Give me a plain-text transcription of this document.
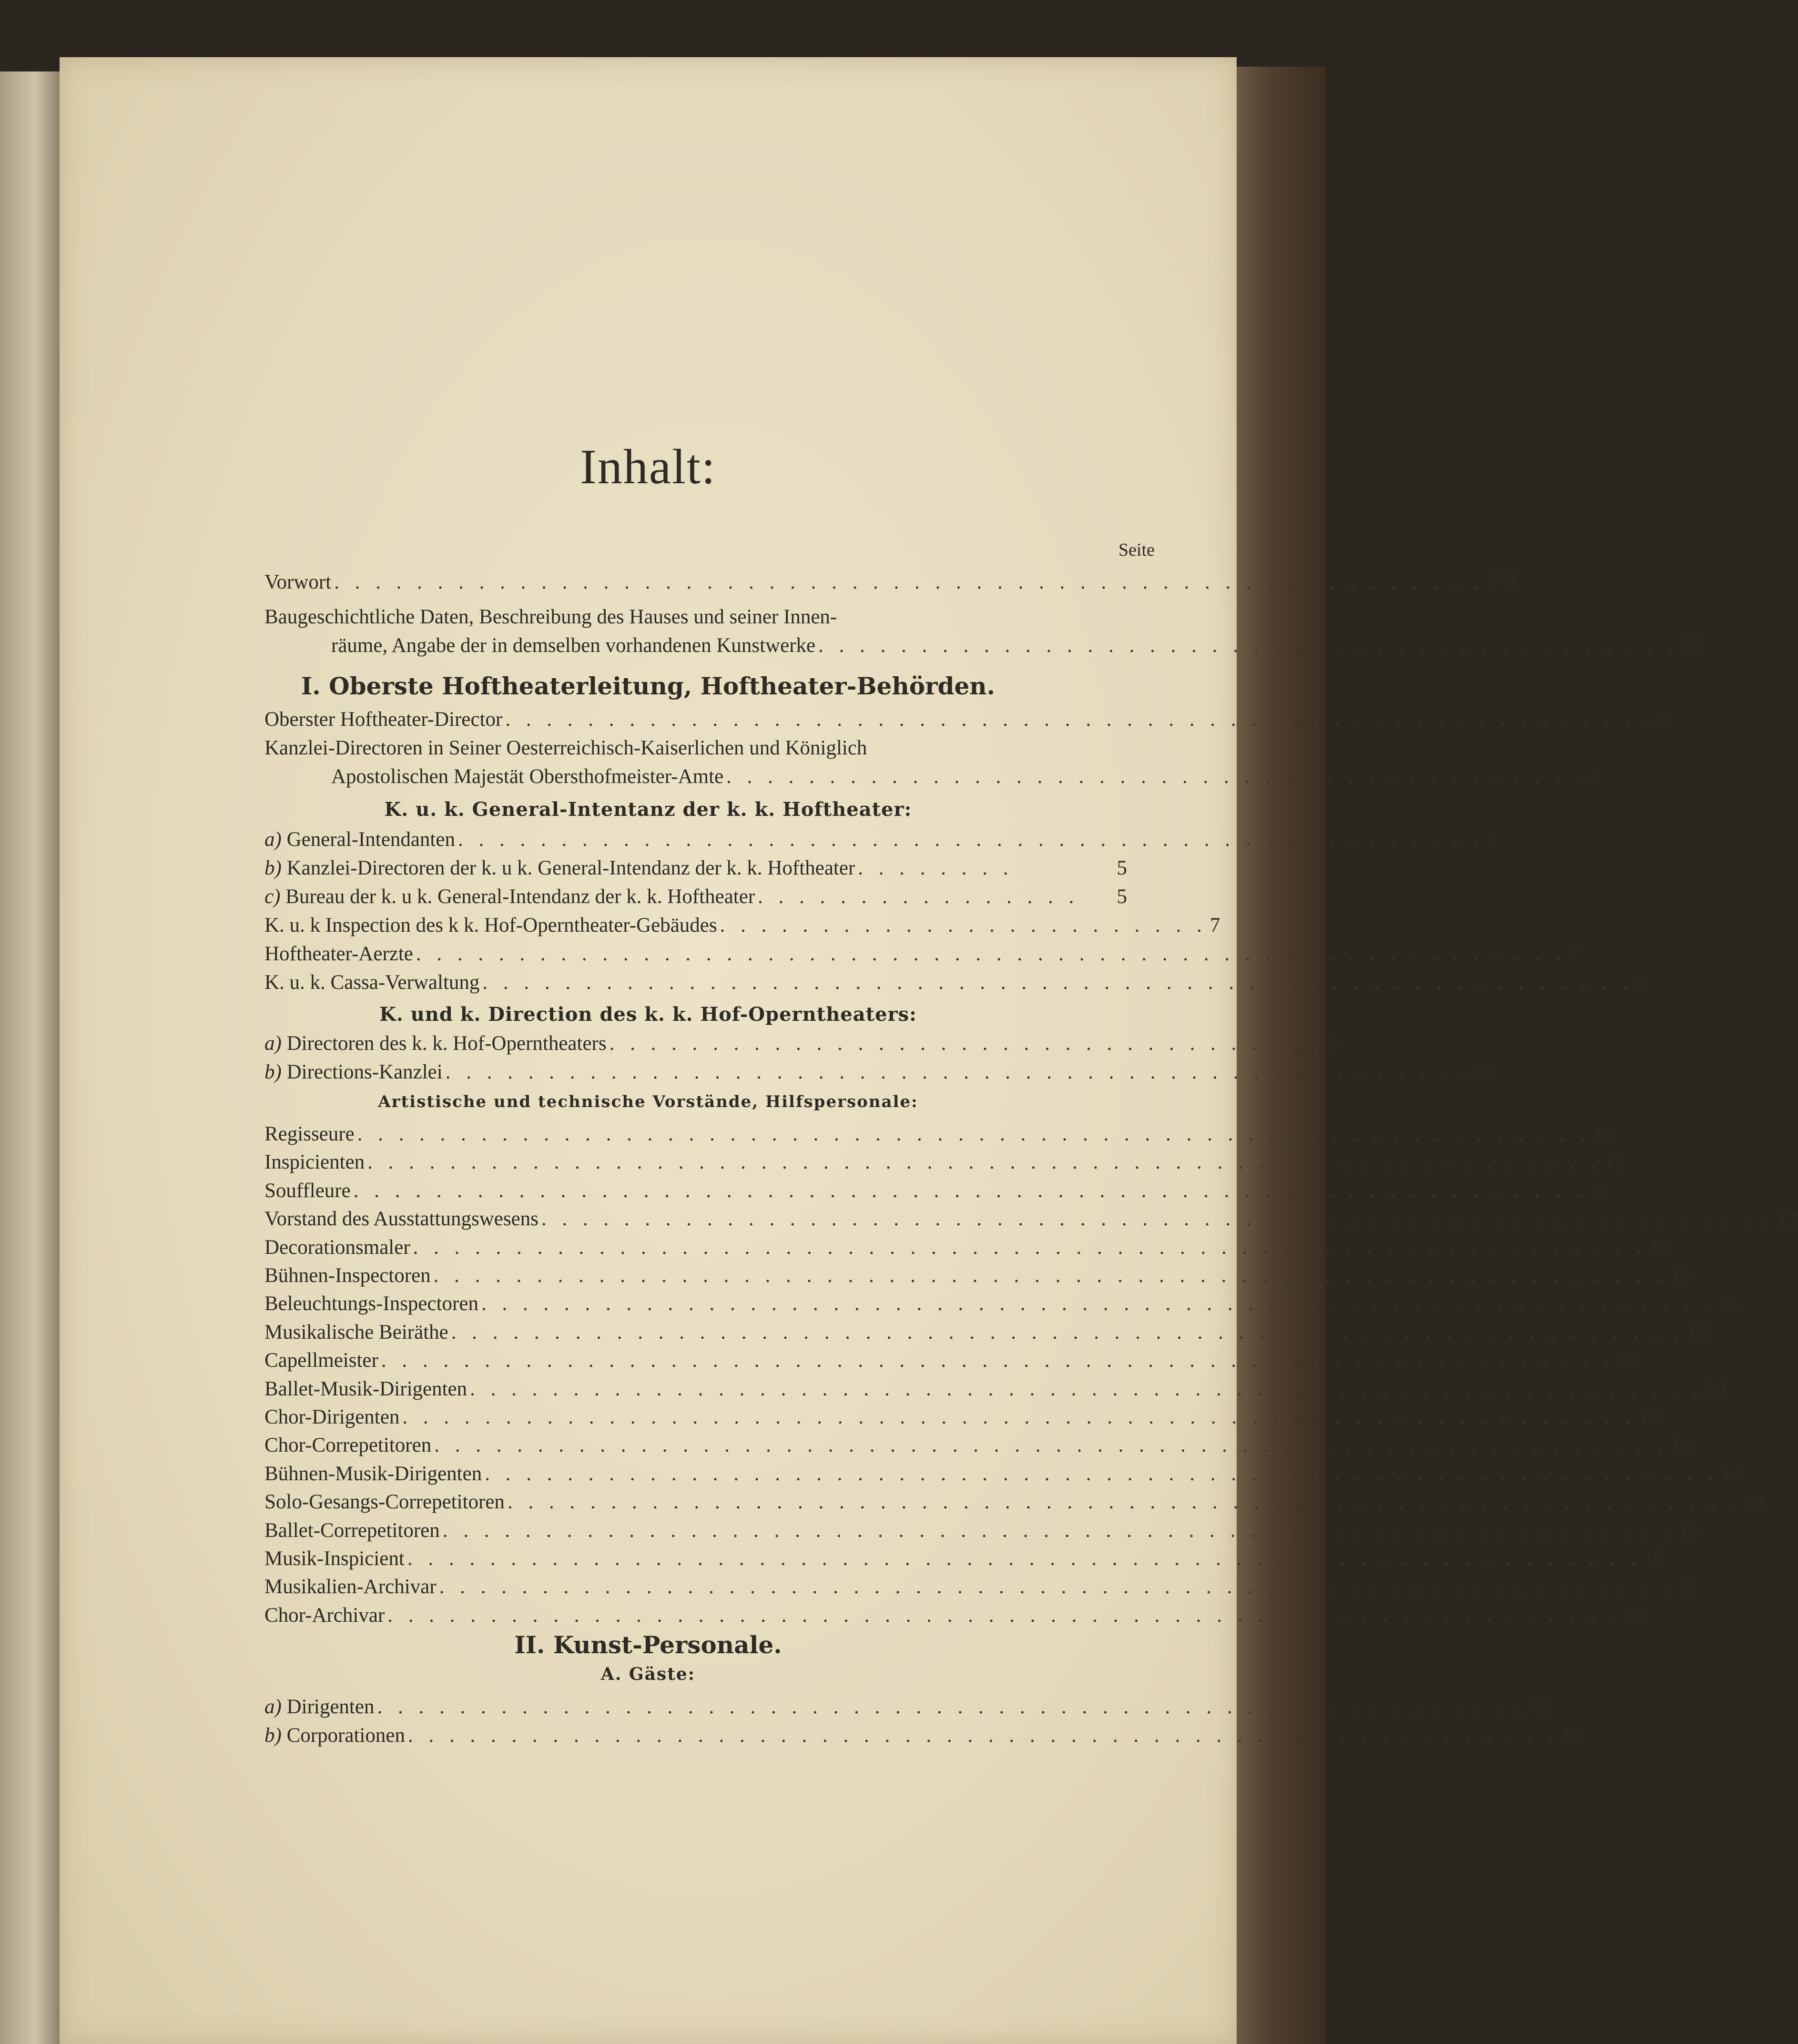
Inhalt:
Seite
Vorwort . . . . . . . . . . . . . . . . . . . . . . . . . . . . . . . . . . . . . . . . . . . . . . . . . . . . . . . . VII
Baugeschichtliche Daten, Beschreibung des Hauses und seiner Innen-
räume, Angabe der in demselben vorhandenen Kunstwerke . . . . . . . . . . . . . . . . . . . . . . . . . . . . . . . . . . . . . . . . . . IX
I. Oberste Hoftheaterleitung, Hoftheater-Behörden.
Oberster Hoftheater-Director . . . . . . . . . . . . . . . . . . . . . . . . . . . . . . . . . . . . . . . . . . . . . . . . . . . . . . . . 1
Kanzlei-Directoren in Seiner Oesterreichisch-Kaiserlichen und Königlich
Apostolischen Majestät Obersthofmeister-Amte . . . . . . . . . . . . . . . . . . . . . . . . . . . . . . . . . . . . . . . . . . 2
K. u. k. General-Intentanz der k. k. Hoftheater:
a) General-Intendanten . . . . . . . . . . . . . . . . . . . . . . . . . . . . . . . . . . . . . . . . . . . . . . . . . . 3
b) Kanzlei-Directoren der k. u k. General-Intendanz der k. k. Hoftheater . . . . . . . .	5
c) Bureau der k. u k. General-Intendanz der k. k. Hoftheater . . . . . . . . . . . . . . . .	5
K. u. k Inspection des k k. Hof-Operntheater-Gebäudes . . . . . . . . . . . . . . . . . . . . . . . . 7
Hoftheater-Aerzte . . . . . . . . . . . . . . . . . . . . . . . . . . . . . . . . . . . . . . . . . . . . . . . . . . . . . . . . 7
K. u. k. Cassa-Verwaltung . . . . . . . . . . . . . . . . . . . . . . . . . . . . . . . . . . . . . . . . . . . . . . . . . . . . . . . . 8
K. und k. Direction des k. k. Hof-Operntheaters:
a) Directoren des k. k. Hof-Operntheaters . . . . . . . . . . . . . . . . . . . . . . . . . . . . . . . . . . . 9
b) Directions-Kanzlei . . . . . . . . . . . . . . . . . . . . . . . . . . . . . . . . . . . . . . . . . . . . . . . . . . 10
Artistische und technische Vorstände, Hilfspersonale:
Regisseure . . . . . . . . . . . . . . . . . . . . . . . . . . . . . . . . . . . . . . . . . . . . . . . . . . . . . . . . . . . . 11
Inspicienten . . . . . . . . . . . . . . . . . . . . . . . . . . . . . . . . . . . . . . . . . . . . . . . . . . . . . . . . . . . . 11
Souffleure . . . . . . . . . . . . . . . . . . . . . . . . . . . . . . . . . . . . . . . . . . . . . . . . . . . . . . . . . . . . 12
Vorstand des Ausstattungswesens . . . . . . . . . . . . . . . . . . . . . . . . . . . . . . . . . . . . . . . . . . . . . . . . . . . . . . . . . . . . 12
Decorationsmaler . . . . . . . . . . . . . . . . . . . . . . . . . . . . . . . . . . . . . . . . . . . . . . . . . . . . . . . . . . . . 12
Bühnen-Inspectoren . . . . . . . . . . . . . . . . . . . . . . . . . . . . . . . . . . . . . . . . . . . . . . . . . . . . . . . . . . . . 13
Beleuchtungs-Inspectoren . . . . . . . . . . . . . . . . . . . . . . . . . . . . . . . . . . . . . . . . . . . . . . . . . . . . . . . . . . . . 13
Musikalische Beiräthe . . . . . . . . . . . . . . . . . . . . . . . . . . . . . . . . . . . . . . . . . . . . . . . . . . . . . . . . . . . . 13
Capellmeister . . . . . . . . . . . . . . . . . . . . . . . . . . . . . . . . . . . . . . . . . . . . . . . . . . . . . . . . . . . . 13
Ballet-Musik-Dirigenten . . . . . . . . . . . . . . . . . . . . . . . . . . . . . . . . . . . . . . . . . . . . . . . . . . . . . . . . . . . . 14
Chor-Dirigenten . . . . . . . . . . . . . . . . . . . . . . . . . . . . . . . . . . . . . . . . . . . . . . . . . . . . . . . . . . . . 14
Chor-Correpetitoren . . . . . . . . . . . . . . . . . . . . . . . . . . . . . . . . . . . . . . . . . . . . . . . . . . . . . . . . . . . . 14
Bühnen-Musik-Dirigenten . . . . . . . . . . . . . . . . . . . . . . . . . . . . . . . . . . . . . . . . . . . . . . . . . . . . . . . . . . . . 14
Solo-Gesangs-Correpetitoren . . . . . . . . . . . . . . . . . . . . . . . . . . . . . . . . . . . . . . . . . . . . . . . . . . . . . . . . . . . . 14
Ballet-Correpetitoren . . . . . . . . . . . . . . . . . . . . . . . . . . . . . . . . . . . . . . . . . . . . . . . . . . . . . . . . . . . . 15
Musik-Inspicient . . . . . . . . . . . . . . . . . . . . . . . . . . . . . . . . . . . . . . . . . . . . . . . . . . . . . . . . . . . . 15
Musikalien-Archivar . . . . . . . . . . . . . . . . . . . . . . . . . . . . . . . . . . . . . . . . . . . . . . . . . . . . . . . . . . . . 15
Chor-Archivar . . . . . . . . . . . . . . . . . . . . . . . . . . . . . . . . . . . . . . . . . . . . . . . . . . . . . . . . . . . . 15
II. Kunst-Personale.
A. Gäste:
a) Dirigenten . . . . . . . . . . . . . . . . . . . . . . . . . . . . . . . . . . . . . . . . . . . . . . . . . . . . . . . . 19
b) Corporationen . . . . . . . . . . . . . . . . . . . . . . . . . . . . . . . . . . . . . . . . . . . . . . . . . . . . . . . . 19
